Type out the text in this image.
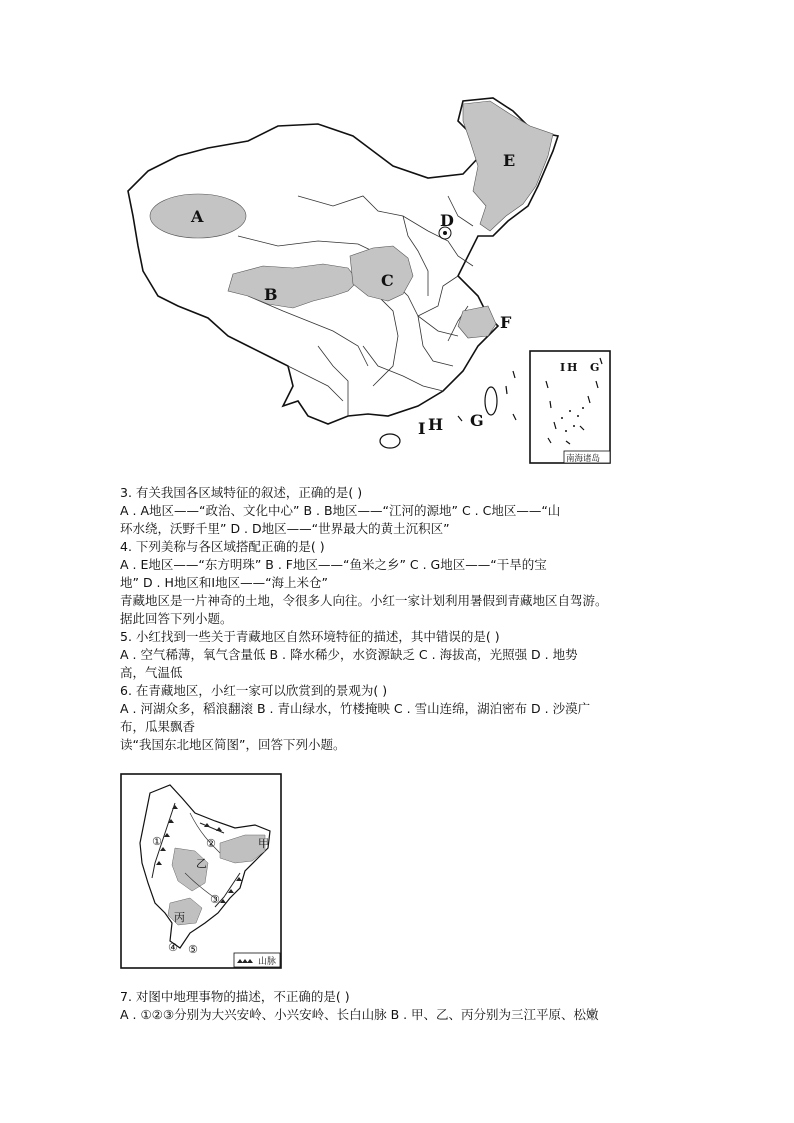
A
B
C
D
E
F
G
I H
I H G
南海诸岛
3. 有关我国各区域特征的叙述，正确的是( )
A . A地区——“政治、文化中心” B . B地区——“江河的源地” C . C地区——“山
环水绕，沃野千里” D . D地区——“世界最大的黄土沉积区”
4. 下列美称与各区域搭配正确的是( )
A . E地区——“东方明珠” B . F地区——“鱼米之乡” C . G地区——“干旱的宝
地” D . H地区和I地区——“海上米仓”
青藏地区是一片神奇的土地，令很多人向往。小红一家计划利用暑假到青藏地区自驾游。
据此回答下列小题。
5. 小红找到一些关于青藏地区自然环境特征的描述，其中错误的是( )
A . 空气稀薄，氧气含量低 B . 降水稀少，水资源缺乏 C . 海拔高，光照强 D . 地势
高，气温低
6. 在青藏地区，小红一家可以欣赏到的景观为( )
A . 河湖众多，稻浪翻滚 B . 青山绿水，竹楼掩映 C . 雪山连绵，湖泊密布 D . 沙漠广
布，瓜果飘香
读“我国东北地区简图”，回答下列小题。
①	②
③
④ ⑤
甲
乙
丙
山脉
7. 对图中地理事物的描述，不正确的是( )
A . ①②③分别为大兴安岭、小兴安岭、长白山脉 B . 甲、乙、丙分别为三江平原、松嫩
